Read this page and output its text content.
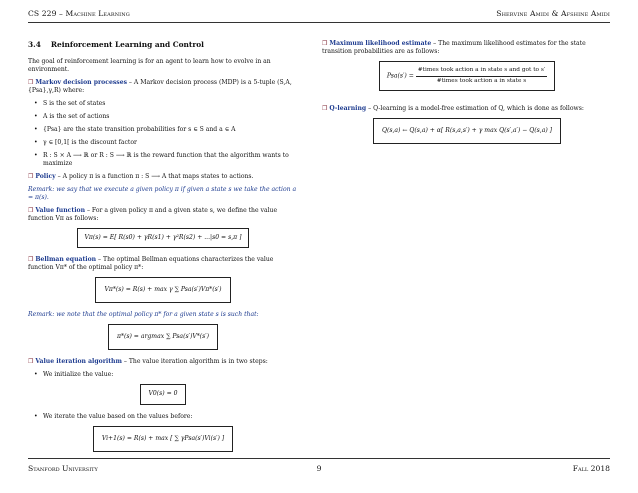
CS 229 – Machine Learning	Shervine Amidi & Afshine Amidi
3.4 Reinforcement Learning and Control

The goal of reinforcement learning is for an agent to learn how to evolve in an environment.

❐ Markov decision processes – A Markov decision process (MDP) is a 5-tuple (S,A,{Psa},γ,R) where:

• S is the set of states
• A is the set of actions
• {Psa} are the state transition probabilities for s ∈ S and a ∈ A
• γ ∈ [0,1[ is the discount factor
• R : S × A ⟶ ℝ or R : S ⟶ ℝ is the reward function that the algorithm wants to maximize

❐ Policy – A policy π is a function π : S ⟶ A that maps states to actions.

Remark: we say that we execute a given policy π if given a state s we take the action a = π(s).

❐ Value function – For a given policy π and a given state s, we define the value function Vπ as follows:

Vπ(s) = E[ R(s0) + γR(s1) + γ²R(s2) + ...|s0 = s,π ]

❐ Bellman equation – The optimal Bellman equations characterizes the value function Vπ* of the optimal policy π*:

Vπ*(s) = R(s) + max γ ∑ Psa(s′)Vπ*(s′)

Remark: we note that the optimal policy π* for a given state s is such that:

π*(s) = argmax ∑ Psa(s′)V*(s′)

❐ Value iteration algorithm – The value iteration algorithm is in two steps:

• We initialize the value:
V0(s) = 0
• We iterate the value based on the values before:
Vi+1(s) = R(s) + max [ ∑ γPsa(s′)Vi(s′) ]

❐ Maximum likelihood estimate – The maximum likelihood estimates for the state transition probabilities are as follows:

$Psa(s') = \frac{\text{\#times took action a in state s and got to s′}}{\text{\#times took action a in state s}}$

❐ Q-learning – Q-learning is a model-free estimation of Q, which is done as follows:

Q(s,a) ← Q(s,a) + α[ R(s,a,s′) + γ max Q(s′,a′) − Q(s,a) ]
Stanford University	9	Fall 2018
